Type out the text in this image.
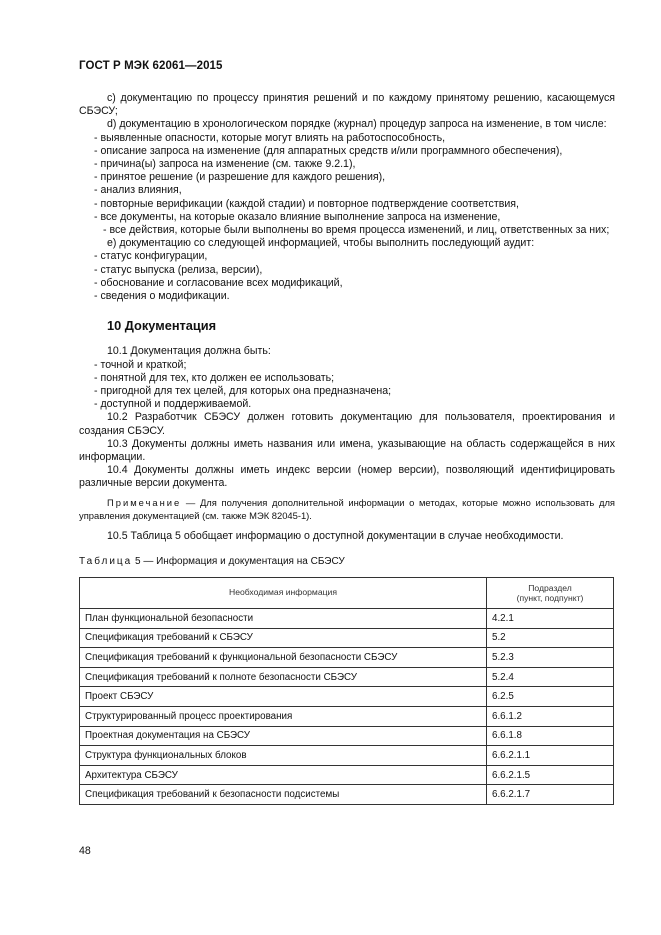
ГОСТ Р МЭК 62061—2015

c) документацию по процессу принятия решений и по каждому принятому решению, касающемуся СБЭСУ;

d) документацию в хронологическом порядке (журнал) процедур запроса на изменение, в том числе:

- выявленные опасности, которые могут влиять на работоспособность,

- описание запроса на изменение (для аппаратных средств и/или программного обеспечения),

- причина(ы) запроса на изменение (см. также 9.2.1),

- принятое решение (и разрешение для каждого решения),

- анализ влияния,

- повторные верификации (каждой стадии) и повторное подтверждение соответствия,

- все документы, на которые оказало влияние выполнение запроса на изменение,

- все действия, которые были выполнены во время процесса изменений, и лиц, ответственных за них;

e) документацию со следующей информацией, чтобы выполнить последующий аудит:

- статус конфигурации,

- статус выпуска (релиза, версии),

- обоснование и согласование всех модификаций,

- сведения о модификации.

10 Документация

10.1 Документация должна быть:

- точной и краткой;

- понятной для тех, кто должен ее использовать;

- пригодной для тех целей, для которых она предназначена;

- доступной и поддерживаемой.

10.2 Разработчик СБЭСУ должен готовить документацию для пользователя, проектирования и создания СБЭСУ.

10.3 Документы должны иметь названия или имена, указывающие на область содержащейся в них информации.

10.4 Документы должны иметь индекс версии (номер версии), позволяющий идентифицировать различные версии документа.

Примечание — Для получения дополнительной информации о методах, которые можно использовать для управления документацией (см. также МЭК 82045-1).

10.5 Таблица 5 обобщает информацию о доступной документации в случае необходимости.

Таблица 5 — Информация и документация на СБЭСУ
Необходимая информация	Подраздел
(пункт, подпункт)
План функциональной безопасности	4.2.1
Спецификация требований к СБЭСУ	5.2
Спецификация требований к функциональной безопасности СБЭСУ	5.2.3
Спецификация требований к полноте безопасности СБЭСУ	5.2.4
Проект СБЭСУ	6.2.5
Структурированный процесс проектирования	6.6.1.2
Проектная документация на СБЭСУ	6.6.1.8
Структура функциональных блоков	6.6.2.1.1
Архитектура СБЭСУ	6.6.2.1.5
Спецификация требований к безопасности подсистемы	6.6.2.1.7
48
